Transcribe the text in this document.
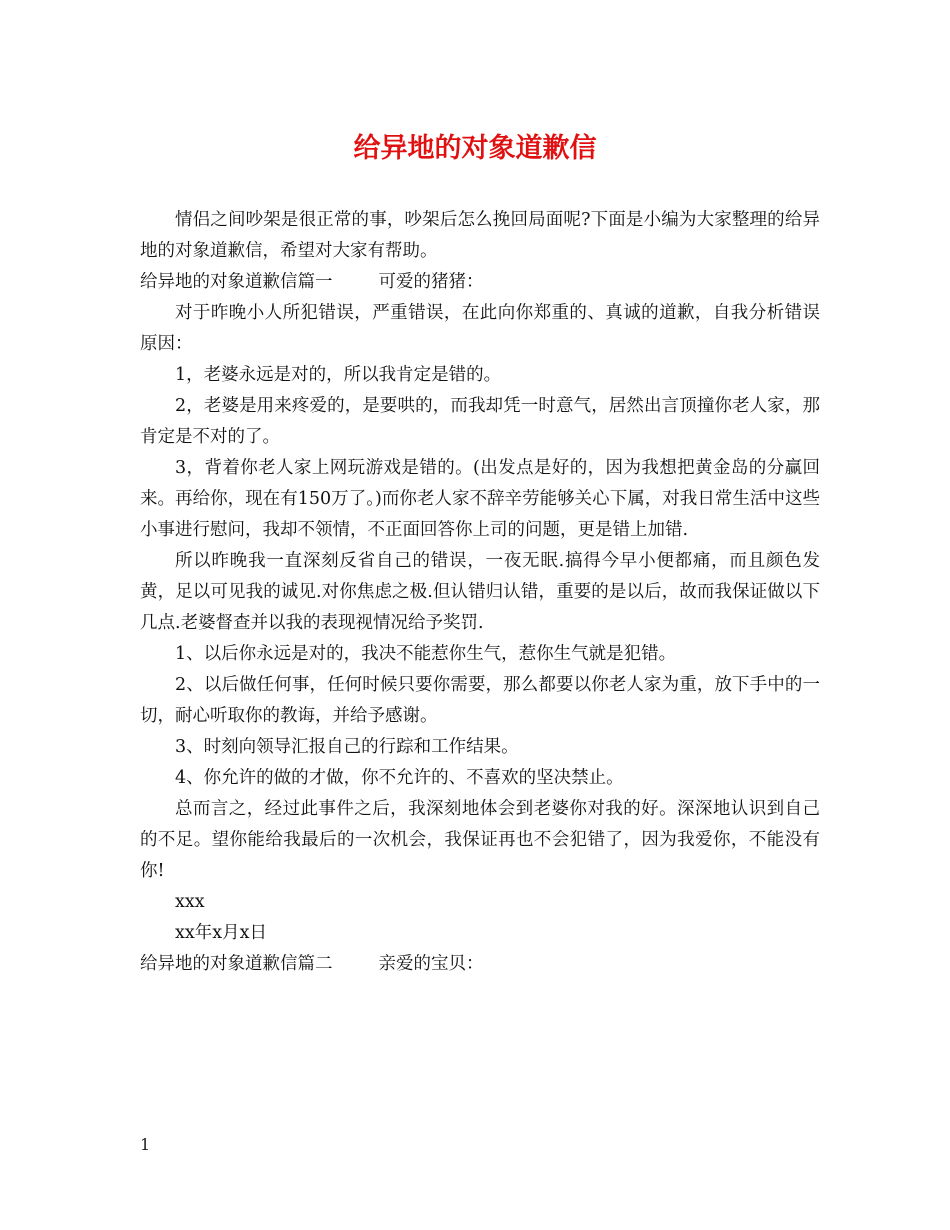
给异地的对象道歉信

情侣之间吵架是很正常的事，吵架后怎么挽回局面呢?下面是小编为大家整理的给异地的对象道歉信，希望对大家有帮助。

给异地的对象道歉信篇一	可爱的猪猪：

对于昨晚小人所犯错误，严重错误，在此向你郑重的、真诚的道歉，自我分析错误原因：

1，老婆永远是对的，所以我肯定是错的。

2，老婆是用来疼爱的，是要哄的，而我却凭一时意气，居然出言顶撞你老人家，那肯定是不对的了。

3，背着你老人家上网玩游戏是错的。(出发点是好的，因为我想把黄金岛的分赢回来。再给你，现在有150万了。)而你老人家不辞辛劳能够关心下属，对我日常生活中这些小事进行慰问，我却不领情，不正面回答你上司的问题，更是错上加错.

所以昨晚我一直深刻反省自己的错误，一夜无眠.搞得今早小便都痛，而且颜色发黄，足以可见我的诚见.对你焦虑之极.但认错归认错，重要的是以后，故而我保证做以下几点.老婆督查并以我的表现视情况给予奖罚.

1、以后你永远是对的，我决不能惹你生气，惹你生气就是犯错。

2、以后做任何事，任何时候只要你需要，那么都要以你老人家为重，放下手中的一切，耐心听取你的教诲，并给予感谢。

3、时刻向领导汇报自己的行踪和工作结果。

4、你允许的做的才做，你不允许的、不喜欢的坚决禁止。

总而言之，经过此事件之后，我深刻地体会到老婆你对我的好。深深地认识到自己的不足。望你能给我最后的一次机会，我保证再也不会犯错了，因为我爱你，不能没有你!

xxx

xx年x月x日

给异地的对象道歉信篇二	亲爱的宝贝：

1
